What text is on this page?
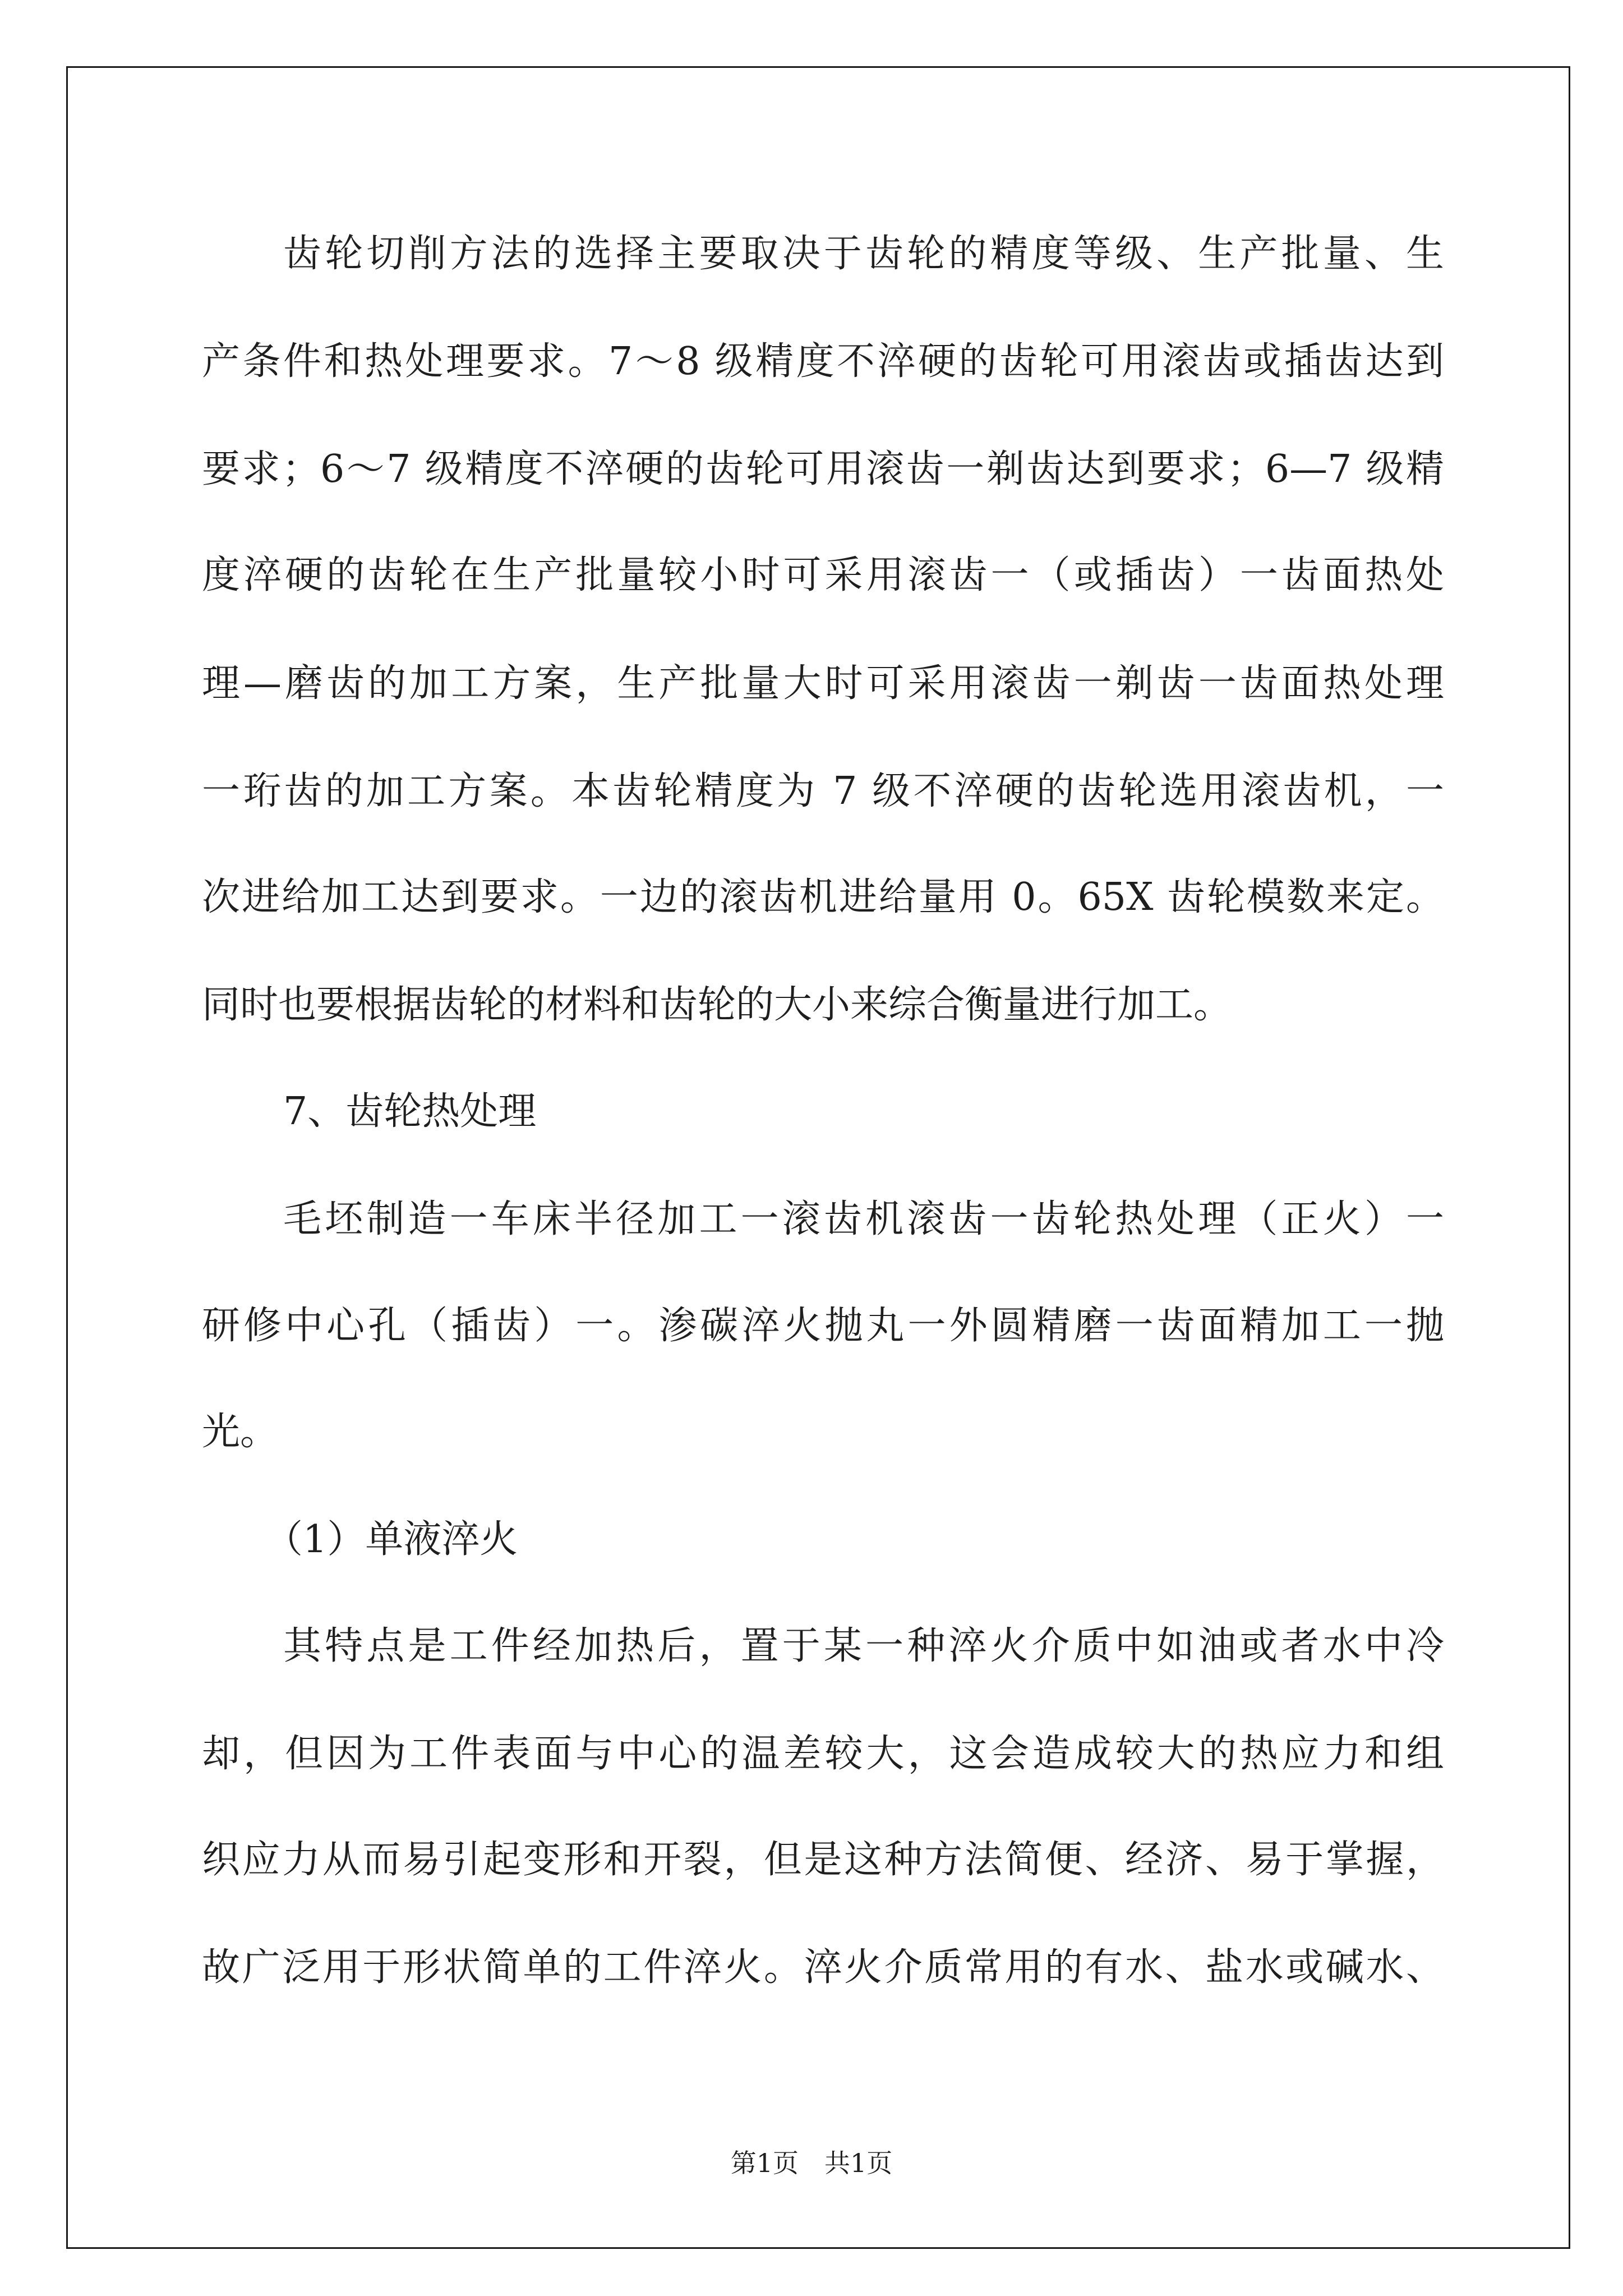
齿轮切削方法的选择主要取决于齿轮的精度等级、生产批量、生
产条件和热处理要求。7～8 级精度不淬硬的齿轮可用滚齿或插齿达到
要求；6～7 级精度不淬硬的齿轮可用滚齿一剃齿达到要求；6—7 级精
度淬硬的齿轮在生产批量较小时可采用滚齿一（或插齿）一齿面热处
理—磨齿的加工方案，生产批量大时可采用滚齿一剃齿一齿面热处理
一珩齿的加工方案。本齿轮精度为 7 级不淬硬的齿轮选用滚齿机，一
次进给加工达到要求。一边的滚齿机进给量用 0。65X 齿轮模数来定。
同时也要根据齿轮的材料和齿轮的大小来综合衡量进行加工。
7、齿轮热处理
毛坯制造一车床半径加工一滚齿机滚齿一齿轮热处理（正火）一
研修中心孔（插齿）一。渗碳淬火抛丸一外圆精磨一齿面精加工一抛
光。
（1）单液淬火
其特点是工件经加热后，置于某一种淬火介质中如油或者水中冷
却，但因为工件表面与中心的温差较大，这会造成较大的热应力和组
织应力从而易引起变形和开裂，但是这种方法简便、经济、易于掌握，
故广泛用于形状简单的工件淬火。淬火介质常用的有水、盐水或碱水、
第1页　共1页
